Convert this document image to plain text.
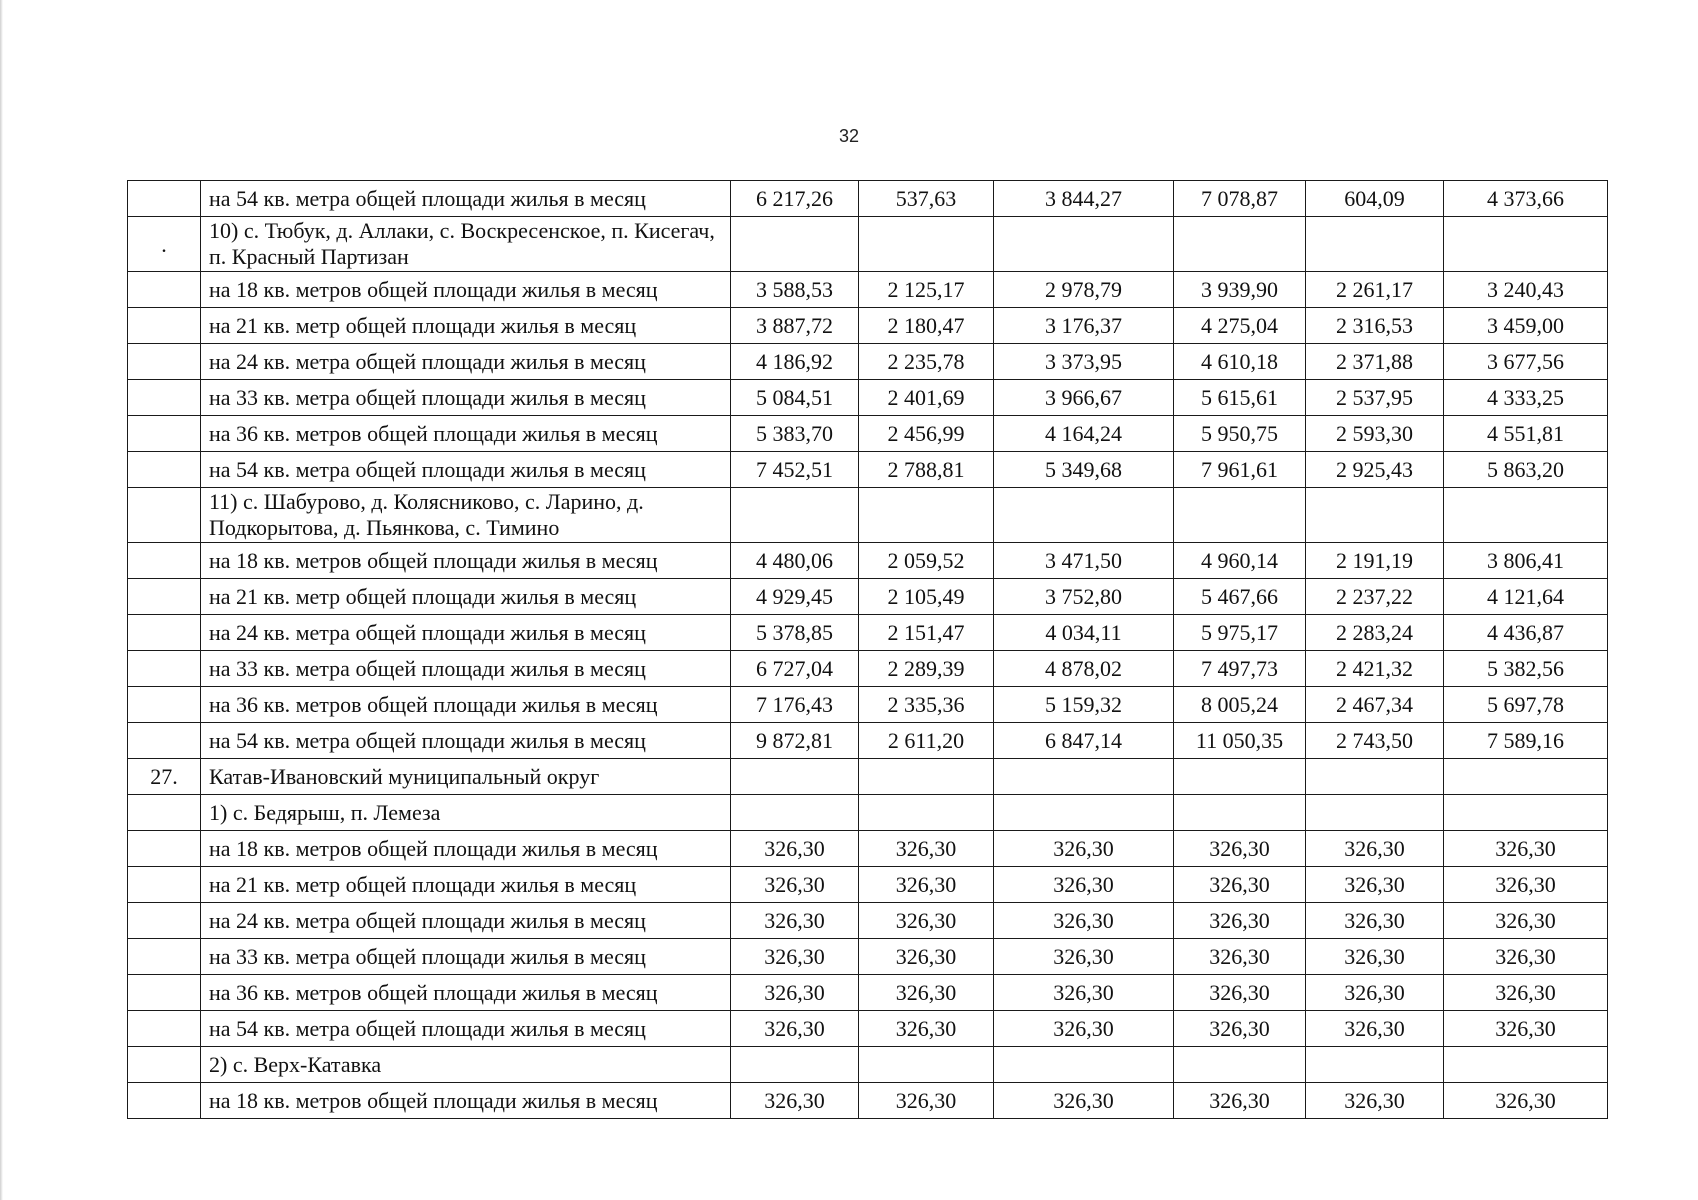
32
	на 54 кв. метра общей площади жилья в месяц	6 217,26	537,63	3 844,27	7 078,87	604,09	4 373,66
.	10) с. Тюбук, д. Аллаки, с. Воскресенское, п. Кисегач, п. Красный Партизан						
	на 18 кв. метров общей площади жилья в месяц	3 588,53	2 125,17	2 978,79	3 939,90	2 261,17	3 240,43
	на 21 кв. метр общей площади жилья в месяц	3 887,72	2 180,47	3 176,37	4 275,04	2 316,53	3 459,00
	на 24 кв. метра общей площади жилья в месяц	4 186,92	2 235,78	3 373,95	4 610,18	2 371,88	3 677,56
	на 33 кв. метра общей площади жилья в месяц	5 084,51	2 401,69	3 966,67	5 615,61	2 537,95	4 333,25
	на 36 кв. метров общей площади жилья в месяц	5 383,70	2 456,99	4 164,24	5 950,75	2 593,30	4 551,81
	на 54 кв. метра общей площади жилья в месяц	7 452,51	2 788,81	5 349,68	7 961,61	2 925,43	5 863,20
	11) с. Шабурово, д. Колясниково, с. Ларино, д. Подкорытова, д. Пьянкова, с. Тимино						
	на 18 кв. метров общей площади жилья в месяц	4 480,06	2 059,52	3 471,50	4 960,14	2 191,19	3 806,41
	на 21 кв. метр общей площади жилья в месяц	4 929,45	2 105,49	3 752,80	5 467,66	2 237,22	4 121,64
	на 24 кв. метра общей площади жилья в месяц	5 378,85	2 151,47	4 034,11	5 975,17	2 283,24	4 436,87
	на 33 кв. метра общей площади жилья в месяц	6 727,04	2 289,39	4 878,02	7 497,73	2 421,32	5 382,56
	на 36 кв. метров общей площади жилья в месяц	7 176,43	2 335,36	5 159,32	8 005,24	2 467,34	5 697,78
	на 54 кв. метра общей площади жилья в месяц	9 872,81	2 611,20	6 847,14	11 050,35	2 743,50	7 589,16
27.	Катав-Ивановский муниципальный округ						
	1) с. Бедярыш, п. Лемеза						
	на 18 кв. метров общей площади жилья в месяц	326,30	326,30	326,30	326,30	326,30	326,30
	на 21 кв. метр общей площади жилья в месяц	326,30	326,30	326,30	326,30	326,30	326,30
	на 24 кв. метра общей площади жилья в месяц	326,30	326,30	326,30	326,30	326,30	326,30
	на 33 кв. метра общей площади жилья в месяц	326,30	326,30	326,30	326,30	326,30	326,30
	на 36 кв. метров общей площади жилья в месяц	326,30	326,30	326,30	326,30	326,30	326,30
	на 54 кв. метра общей площади жилья в месяц	326,30	326,30	326,30	326,30	326,30	326,30
	2) с. Верх-Катавка						
	на 18 кв. метров общей площади жилья в месяц	326,30	326,30	326,30	326,30	326,30	326,30
